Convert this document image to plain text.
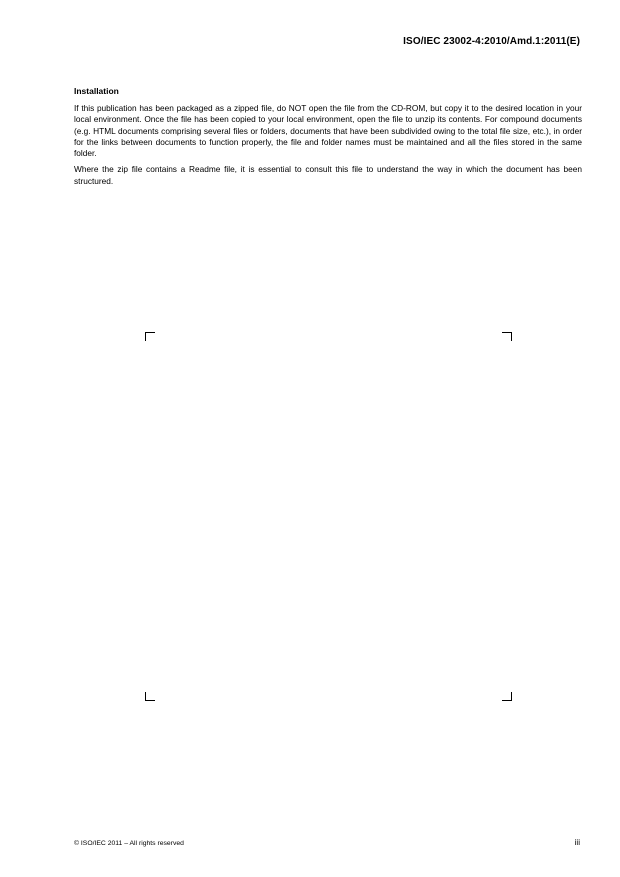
ISO/IEC 23002-4:2010/Amd.1:2011(E)
Installation

If this publication has been packaged as a zipped file, do NOT open the file from the CD-ROM, but copy it to the desired location in your local environment. Once the file has been copied to your local environment, open the file to unzip its contents. For compound documents (e.g. HTML documents comprising several files or folders, documents that have been subdivided owing to the total file size, etc.), in order for the links between documents to function properly, the file and folder names must be maintained and all the files stored in the same folder.

Where the zip file contains a Readme file, it is essential to consult this file to understand the way in which the document has been structured.

© ISO/IEC 2011 – All rights reserved	iii
